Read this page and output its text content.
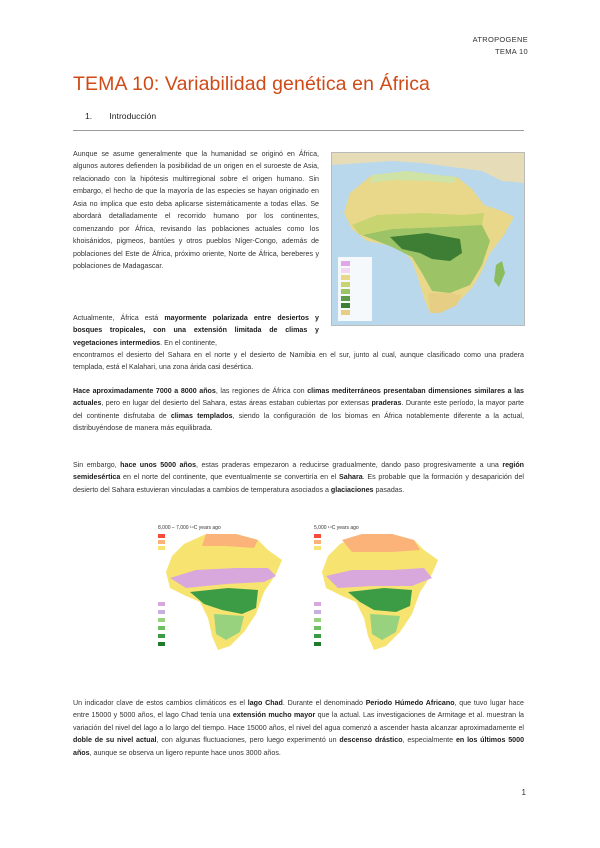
ATROPOGENE
TEMA 10
TEMA 10: Variabilidad genética en África
1. Introducción

Aunque se asume generalmente que la humanidad se originó en África, algunos autores defienden la posibilidad de un origen en el suroeste de Asia, relacionado con la hipótesis multirregional sobre el origen humano. Sin embargo, el hecho de que la mayoría de las especies se hayan originado en Asia no implica que esto deba aplicarse sistemáticamente a todas ellas. Se abordará detalladamente el recorrido humano por los continentes, comenzando por África, revisando las poblaciones actuales como los khoisánidos, pigmeos, bantúes y otros pueblos Níger-Congo, además de poblaciones del Este de África, próximo oriente, Norte de África, bereberes y poblaciones de Madagascar.

Actualmente, África está mayormente polarizada entre desiertos y bosques tropicales, con una extensión limitada de climas y vegetaciones intermedios. En el continente,

encontramos el desierto del Sahara en el norte y el desierto de Namibia en el sur, junto al cual, aunque clasificado como una pradera templada, está el Kalahari, una zona árida casi desértica.

Hace aproximadamente 7000 a 8000 años, las regiones de África con climas mediterráneos presentaban dimensiones similares a las actuales, pero en lugar del desierto del Sahara, estas áreas estaban cubiertas por extensas praderas. Durante este período, la mayor parte del continente disfrutaba de climas templados, siendo la configuración de los biomas en África notablemente diferente a la actual, distribuyéndose de manera más equilibrada.

Sin embargo, hace unos 5000 años, estas praderas empezaron a reducirse gradualmente, dando paso progresivamente a una región semidesértica en el norte del continente, que eventualmente se convertiría en el Sahara. Es probable que la formación y desaparición del desierto del Sahara estuvieran vinculadas a cambios de temperatura asociados a glaciaciones pasadas.

8,000 – 7,000 ¹⁴C years ago	5,000 ¹⁴C years ago

Un indicador clave de estos cambios climáticos es el lago Chad. Durante el denominado Periodo Húmedo Africano, que tuvo lugar hace entre 15000 y 5000 años, el lago Chad tenía una extensión mucho mayor que la actual. Las investigaciones de Armitage et al. muestran la variación del nivel del lago a lo largo del tiempo. Hace 15000 años, el nivel del agua comenzó a ascender hasta alcanzar aproximadamente el doble de su nivel actual, con algunas fluctuaciones, pero luego experimentó un descenso drástico, especialmente en los últimos 5000 años, aunque se observa un ligero repunte hace unos 3000 años.

1
